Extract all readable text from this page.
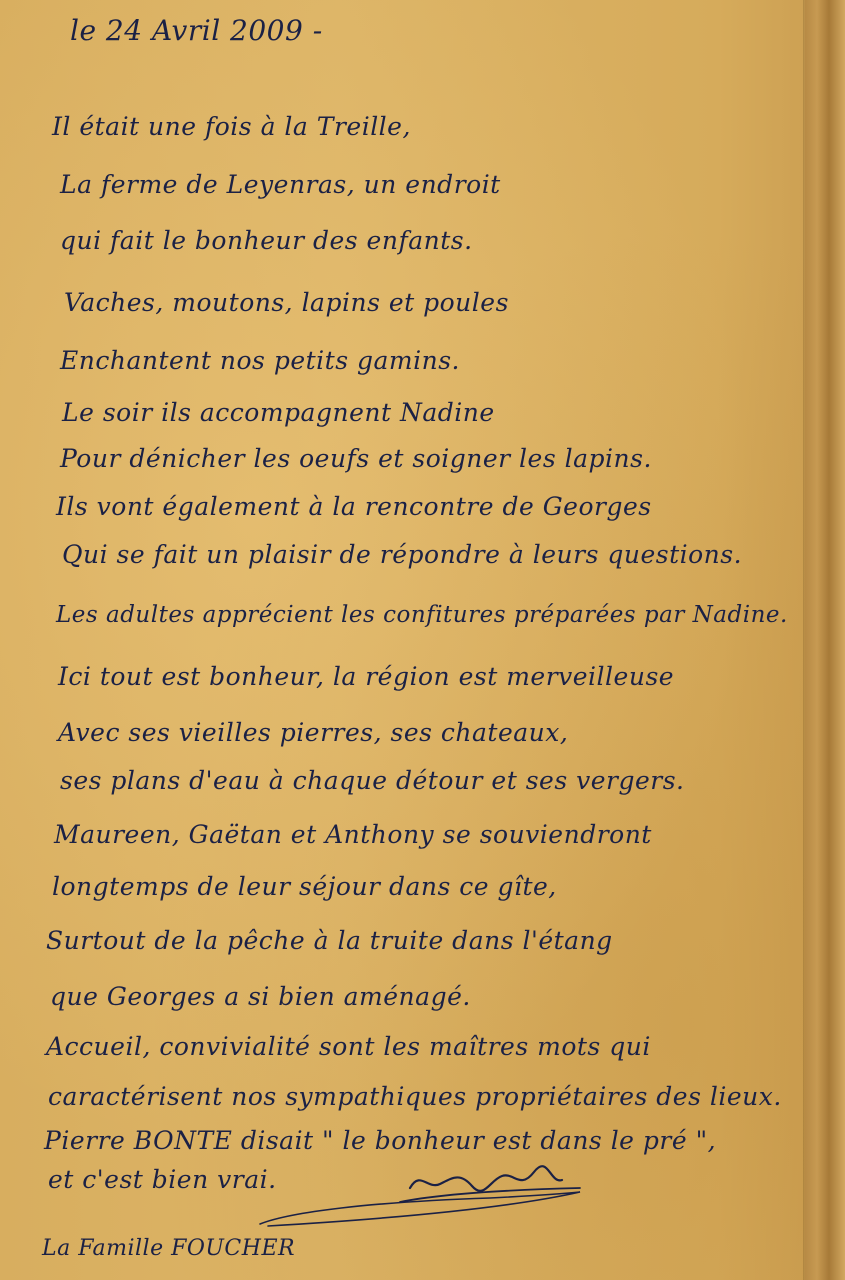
le 24 Avril 2009 -
Il était une fois à la Treille,
La ferme de Leyenras, un endroit
qui fait le bonheur des enfants.
Vaches, moutons, lapins et poules
Enchantent nos petits gamins.
Le soir ils accompagnent Nadine
Pour dénicher les oeufs et soigner les lapins.
Ils vont également à la rencontre de Georges
Qui se fait un plaisir de répondre à leurs questions.
Les adultes apprécient les confitures préparées par Nadine.
Ici tout est bonheur, la région est merveilleuse
Avec ses vieilles pierres, ses chateaux,
ses plans d'eau à chaque détour et ses vergers.
Maureen, Gaëtan et Anthony se souviendront
longtemps de leur séjour dans ce gîte,
Surtout de la pêche à la truite dans l'étang
que Georges a si bien aménagé.
Accueil, convivialité sont les maîtres mots qui
caractérisent nos sympathiques propriétaires des lieux.
Pierre BONTE disait " le bonheur est dans le pré ",
et c'est bien vrai.
La Famille FOUCHER
